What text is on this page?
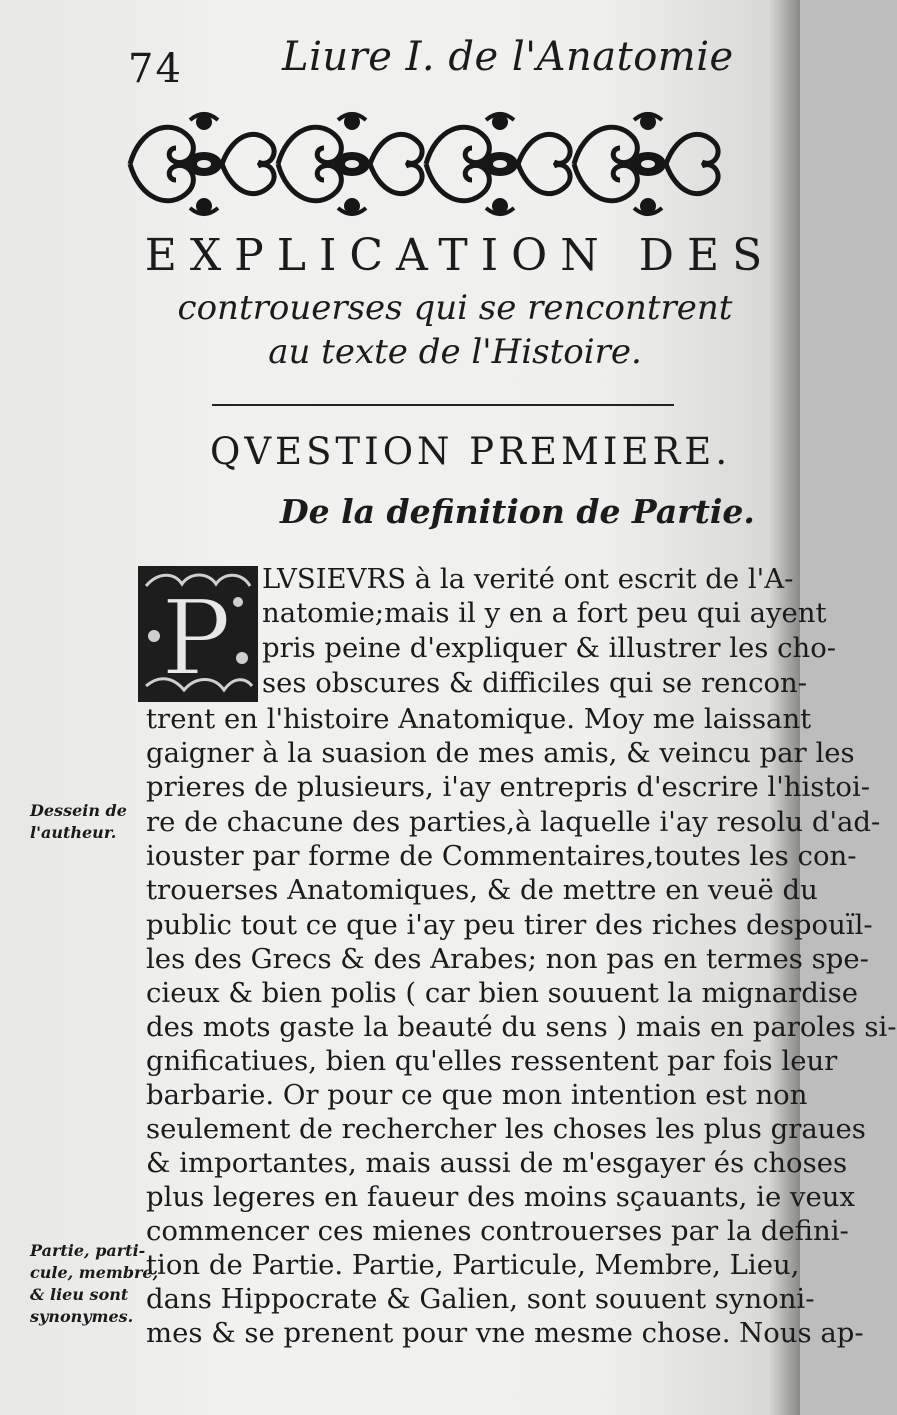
74 Liure I. de l'Anatomie
EXPLICATION DES
controuerses qui se rencontrent
au texte de l'Histoire.
QVESTION PREMIERE.
De la definition de Partie.
P LVSIEVRS à la verité ont escrit de l'A-
natomie;mais il y en a fort peu qui ayent
pris peine d'expliquer & illustrer les cho-
ses obscures & difficiles qui se rencon-
trent en l'histoire Anatomique. Moy me laissant
gaigner à la suasion de mes amis, & veincu par les
prieres de plusieurs, i'ay entrepris d'escrire l'histoi-
re de chacune des parties,à laquelle i'ay resolu d'ad-
iouster par forme de Commentaires,toutes les con-
trouerses Anatomiques, & de mettre en veuë du
public tout ce que i'ay peu tirer des riches despouïl-
les des Grecs & des Arabes; non pas en termes spe-
cieux & bien polis ( car bien souuent la mignardise
des mots gaste la beauté du sens ) mais en paroles si-
gnificatiues, bien qu'elles ressentent par fois leur
barbarie. Or pour ce que mon intention est non
seulement de rechercher les choses les plus graues
& importantes, mais aussi de m'esgayer és choses
plus legeres en faueur des moins sçauants, ie veux
commencer ces mienes controuerses par la defini-
tion de Partie. Partie, Particule, Membre, Lieu,
dans Hippocrate & Galien, sont souuent synoni-
mes & se prenent pour vne mesme chose. Nous ap-
Dessein de
l'autheur.
Partie, parti-
cule, membre,
& lieu sont
synonymes.
